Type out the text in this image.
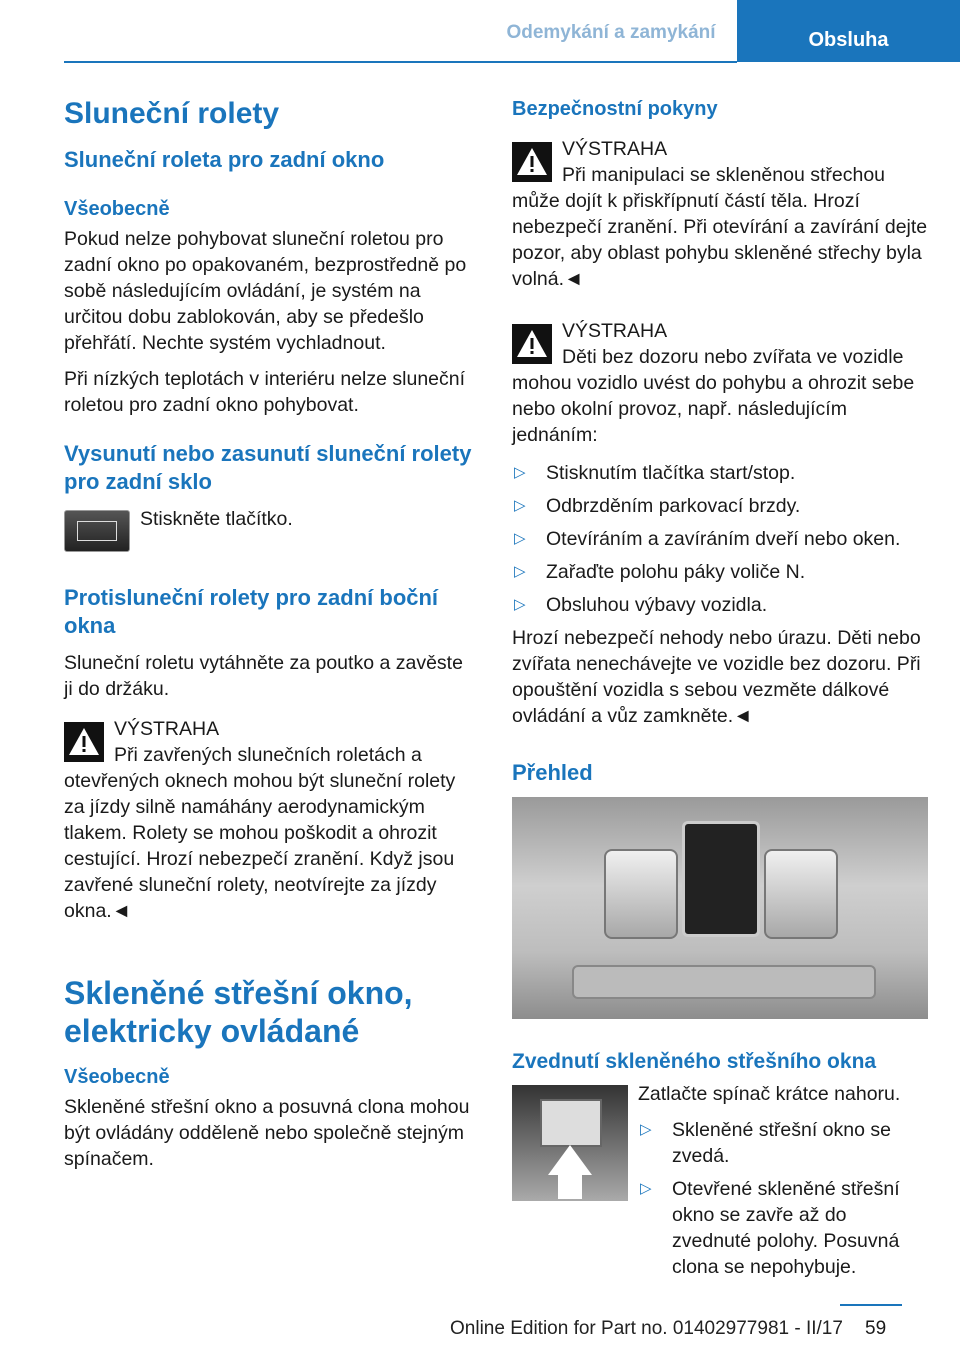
Odemykání a zamykání	Obsluha
Sluneční rolety
Sluneční roleta pro zadní okno
Všeobecně

Pokud nelze pohybovat sluneční roletou pro zadní okno po opakovaném, bezprostředně po sobě následujícím ovládání, je systém na určitou dobu zablokován, aby se předešlo přehřátí. Nechte systém vychladnout.

Při nízkých teplotách v interiéru nelze sluneční roletou pro zadní okno pohybovat.

Vysunutí nebo zasunutí sluneční rolety pro zadní sklo
Stiskněte tlačítko.
Protisluneční rolety pro zadní boční okna

Sluneční roletu vytáhněte za poutko a zavěste ji do držáku.

VÝSTRAHA
Při zavřených slunečních roletách a otevřených oknech mohou být sluneční rolety za jízdy silně namáhány aerodynamickým tlakem. Rolety se mohou poškodit a ohrozit cestující. Hrozí nebezpečí zranění. Když jsou zavřené sluneční rolety, neotvírejte za jízdy okna.◄
Skleněné střešní okno, elektricky ovládané
Všeobecně

Skleněné střešní okno a posuvná clona mohou být ovládány odděleně nebo společně stejným spínačem.

Bezpečnostní pokyny
VÝSTRAHA
Při manipulaci se skleněnou střechou může dojít k přiskřípnutí částí těla. Hrozí nebezpečí zranění. Při otevírání a zavírání dejte pozor, aby oblast pohybu skleněné střechy byla volná.◄
VÝSTRAHA
Děti bez dozoru nebo zvířata ve vozidle mohou vozidlo uvést do pohybu a ohrozit sebe nebo okolní provoz, např. následujícím jednáním:
▷ Stisknutím tlačítka start/stop.
▷ Odbrzděním parkovací brzdy.
▷ Otevíráním a zavíráním dveří nebo oken.
▷ Zařaďte polohu páky voliče N.
▷ Obsluhou výbavy vozidla.

Hrozí nebezpečí nehody nebo úrazu. Děti nebo zvířata nenechávejte ve vozidle bez dozoru. Při opouštění vozidla s sebou vezměte dálkové ovládání a vůz zamkněte.◄

Přehled
Zvednutí skleněného střešního okna

Zatlačte spínač krátce nahoru.

▷ Skleněné střešní okno se zvedá.
▷ Otevřené skleněné střešní okno se zavře až do zvednuté polohy. Posuvná clona se nepohybuje.
Online Edition for Part no. 01402977981 - II/17 59
